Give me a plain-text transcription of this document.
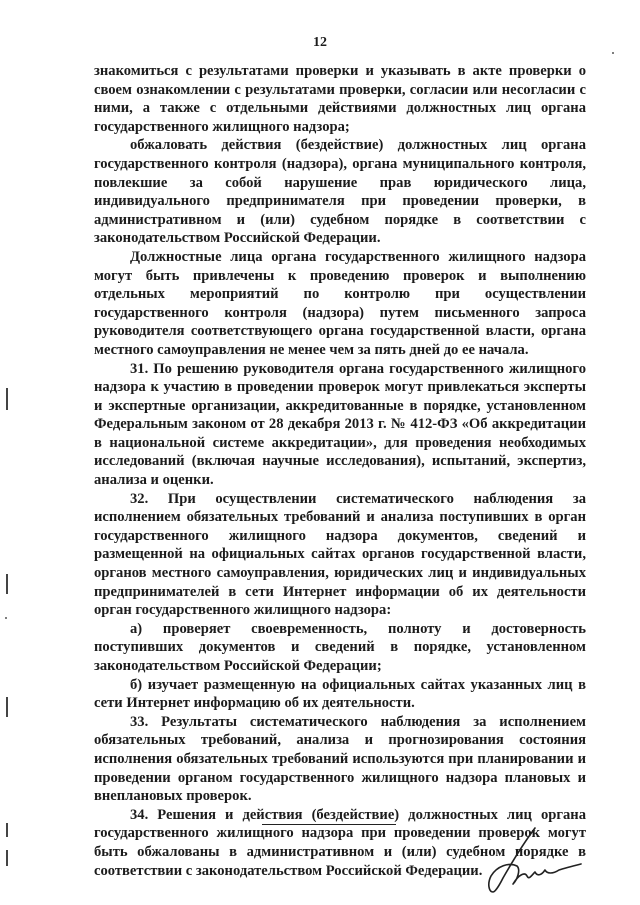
12

знакомиться с результатами проверки и указывать в акте проверки о своем ознакомлении с результатами проверки, согласии или несогласии с ними, а также с отдельными действиями должностных лиц органа государственного жилищного надзора;

обжаловать действия (бездействие) должностных лиц органа государственного контроля (надзора), органа муниципального контроля, повлекшие за собой нарушение прав юридического лица, индивидуального предпринимателя при проведении проверки, в административном и (или) судебном порядке в соответствии с законодательством Российской Федерации.

Должностные лица органа государственного жилищного надзора могут быть привлечены к проведению проверок и выполнению отдельных мероприятий по контролю при осуществлении государственного контроля (надзора) путем письменного запроса руководителя соответствующего органа государственной власти, органа местного самоуправления не менее чем за пять дней до ее начала.

31. По решению руководителя органа государственного жилищного надзора к участию в проведении проверок могут привлекаться эксперты и экспертные организации, аккредитованные в порядке, установленном Федеральным законом от 28 декабря 2013 г. № 412-ФЗ «Об аккредитации в национальной системе аккредитации», для проведения необходимых исследований (включая научные исследования), испытаний, экспертиз, анализа и оценки.

32. При осуществлении систематического наблюдения за исполнением обязательных требований и анализа поступивших в орган государственного жилищного надзора документов, сведений и размещенной на официальных сайтах органов государственной власти, органов местного самоуправления, юридических лиц и индивидуальных предпринимателей в сети Интернет информации об их деятельности орган государственного жилищного надзора:

а) проверяет своевременность, полноту и достоверность поступивших документов и сведений в порядке, установленном законодательством Российской Федерации;

б) изучает размещенную на официальных сайтах указанных лиц в сети Интернет информацию об их деятельности.

33. Результаты систематического наблюдения за исполнением обязательных требований, анализа и прогнозирования состояния исполнения обязательных требований используются при планировании и проведении органом государственного жилищного надзора плановых и внеплановых проверок.

34. Решения и действия (бездействие) должностных лиц органа государственного жилищного надзора при проведении проверок могут быть обжалованы в административном и (или) судебном порядке в соответствии с законодательством Российской Федерации.
